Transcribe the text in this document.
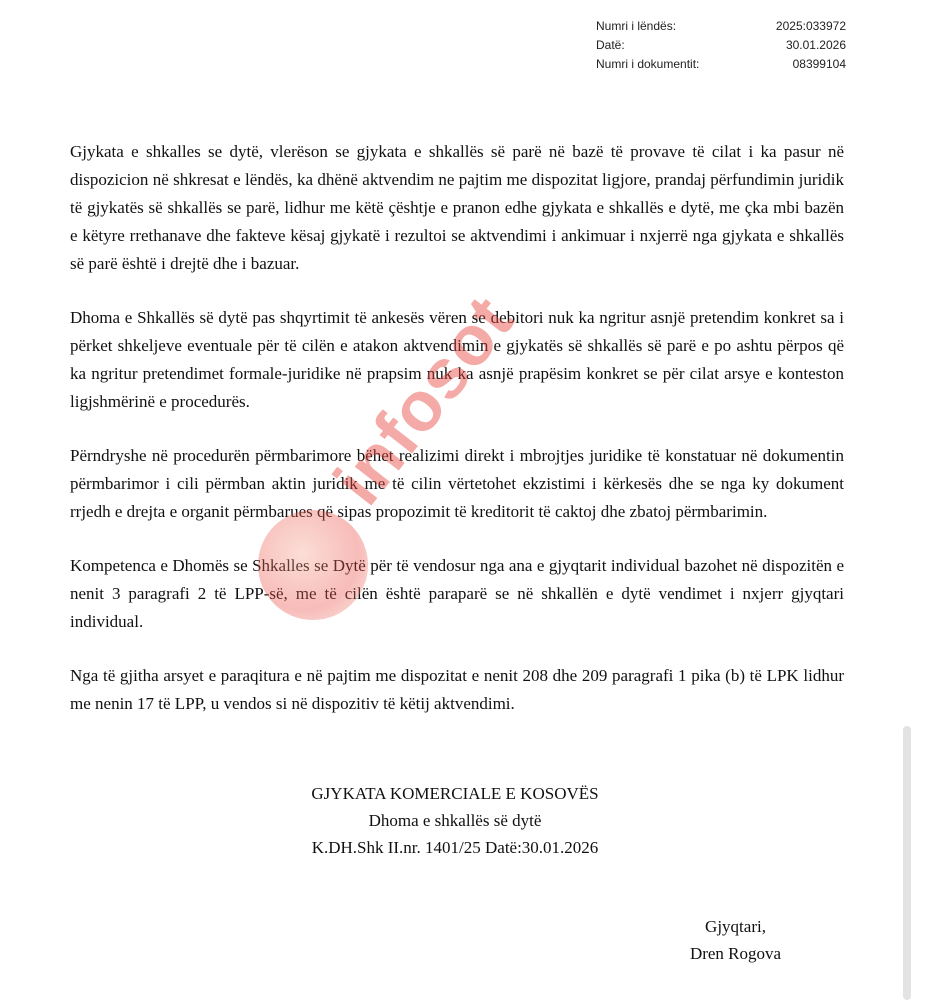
Numri i lëndës:	2025:033972
Datë:	30.01.2026
Numri i dokumentit:	08399104

Gjykata e shkalles se dytë, vlerëson se gjykata e shkallës së parë në bazë të provave të cilat i ka pasur në dispozicion në shkresat e lëndës, ka dhënë aktvendim ne pajtim me dispozitat ligjore, prandaj përfundimin juridik të gjykatës së shkallës se parë, lidhur me këtë çështje e pranon edhe gjykata e shkallës e dytë, me çka mbi bazën e këtyre rrethanave dhe fakteve kësaj gjykatë i rezultoi se aktvendimi i ankimuar i nxjerrë nga gjykata e shkallës së parë është i drejtë dhe i bazuar.

Dhoma e Shkallës së dytë pas shqyrtimit të ankesës vëren se debitori nuk ka ngritur asnjë pretendim konkret sa i përket shkeljeve eventuale për të cilën e atakon aktvendimin e gjykatës së shkallës së parë e po ashtu përpos që ka ngritur pretendimet formale-juridike në prapsim nuk ka asnjë prapësim konkret se për cilat arsye e konteston ligjshmërinë e procedurës.

Përndryshe në procedurën përmbarimore bëhet realizimi direkt i mbrojtjes juridike të konstatuar në dokumentin përmbarimor i cili përmban aktin juridik me të cilin vërtetohet ekzistimi i kërkesës dhe se nga ky dokument rrjedh e drejta e organit përmbarues që sipas propozimit të kreditorit të caktoj dhe zbatoj përmbarimin.

Kompetenca e Dhomës se Shkalles se Dytë për të vendosur nga ana e gjyqtarit individual bazohet në dispozitën e nenit 3 paragrafi 2 të LPP-së, me të cilën është paraparë se në shkallën e dytë vendimet i nxjerr gjyqtari individual.

Nga të gjitha arsyet e paraqitura e në pajtim me dispozitat e nenit 208 dhe 209 paragrafi 1 pika (b) të LPK lidhur me nenin 17 të LPP, u vendos si në dispozitiv të këtij aktvendimi.

GJYKATA KOMERCIALE E KOSOVËS
Dhoma e shkallës së dytë
K.DH.Shk II.nr. 1401/25 Datë:30.01.2026
Gjyqtari,
Dren Rogova
infosot
